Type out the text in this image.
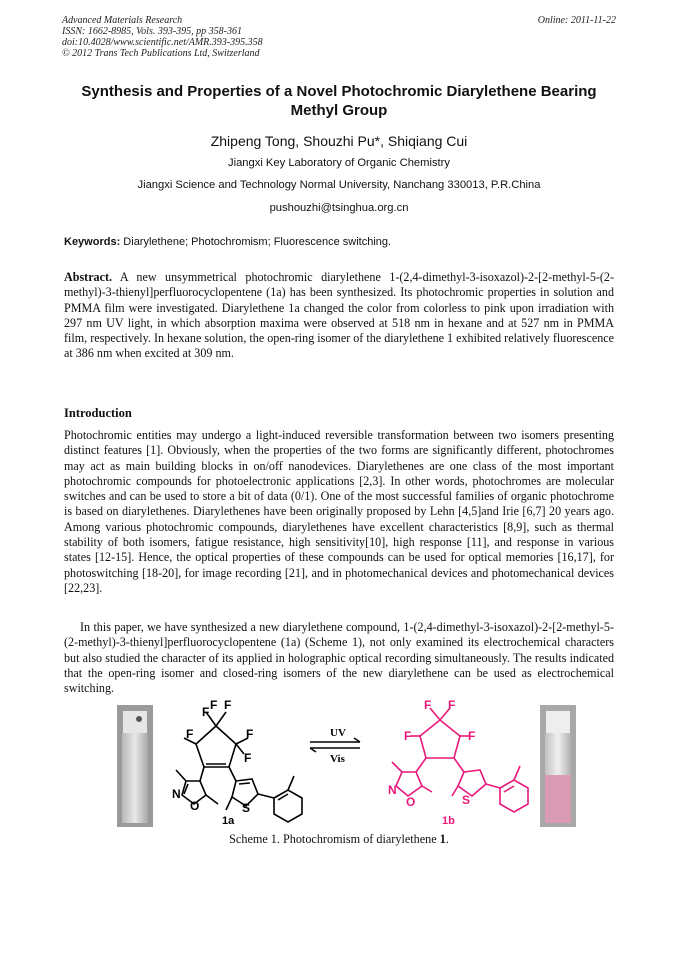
Advanced Materials Research
ISSN: 1662-8985, Vols. 393-395, pp 358-361
doi:10.4028/www.scientific.net/AMR.393-395.358
© 2012 Trans Tech Publications Ltd, Switzerland
Online: 2011-11-22
Synthesis and Properties of a Novel Photochromic Diarylethene Bearing
Methyl Group
Zhipeng Tong, Shouzhi Pu*, Shiqiang Cui
Jiangxi Key Laboratory of Organic Chemistry
Jiangxi Science and Technology Normal University, Nanchang 330013, P.R.China
pushouzhi@tsinghua.org.cn
Keywords: Diarylethene; Photochromism; Fluorescence switching.

Abstract. A new unsymmetrical photochromic diarylethene 1-(2,4-dimethyl-3-isoxazol)-2-[2-methyl-5-(2-methyl)-3-thienyl]perfluorocyclopentene (1a) has been synthesized. Its photochromic properties in solution and PMMA film were investigated. Diarylethene 1a changed the color from colorless to pink upon irradiation with 297 nm UV light, in which absorption maxima were observed at 518 nm in hexane and at 527 nm in PMMA film, respectively. In hexane solution, the open-ring isomer of the diarylethene 1 exhibited relatively fluorescence at 386 nm when excited at 309 nm.

Introduction

Photochromic entities may undergo a light-induced reversible transformation between two isomers presenting distinct features [1]. Obviously, when the properties of the two forms are significantly different, photochromes may act as main building blocks in on/off nanodevices. Diarylethenes are one class of the most important photochromic compounds for photoelectronic applications [2,3]. In other words, photochromes are molecular switches and can be used to store a bit of data (0/1). One of the most successful families of organic photochrome is based on diarylethenes. Diarylethenes have been originally proposed by Lehn [4,5]and Irie [6,7] 20 years ago. Among various photochromic compounds, diarylethenes have excellent characteristics [8,9], such as thermal stability of both isomers, fatigue resistance, high sensitivity[10], high response [11], and response in various states [12-15]. Hence, the optical properties of these compounds can be used for optical memories [16,17], for photoswitching [18-20], for image recording [21], and in photomechanical devices and photomechanical devices [22,23].

In this paper, we have synthesized a new diarylethene compound, 1-(2,4-dimethyl-3-isoxazol)-2-[2-methyl-5-(2-methyl)-3-thienyl]perfluorocyclopentene (1a) (Scheme 1), not only examined its electrochemical characters but also studied the character of its applied in holographic optical recording simultaneously. The results indicated that the open-ring isomer and closed-ring isomers of the new diarylethene can be used as electrochemical switching.

F F F
F
F
F
N
O	S
1a
UV
Vis
F F
F	F
N
O	S
1b
Scheme 1. Photochromism of diarylethene 1.
